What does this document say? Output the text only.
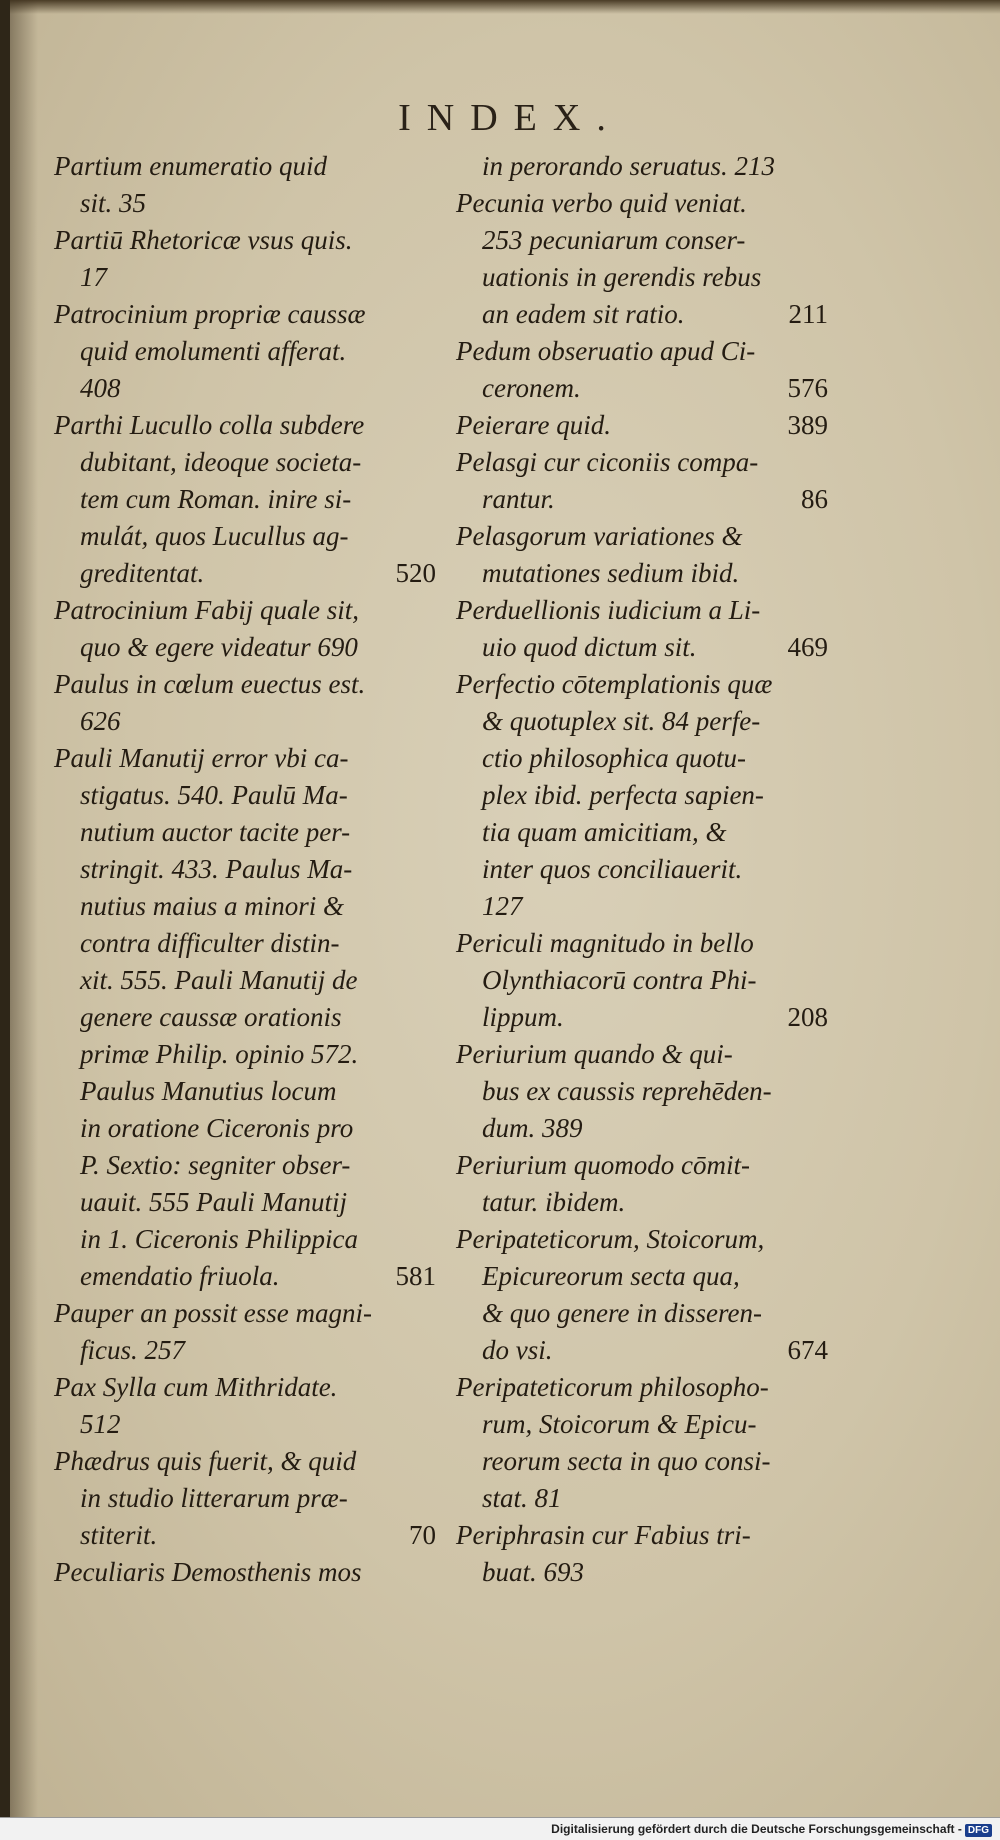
INDEX.
Partium enumeratio quid
sit. 35
Partiū Rhetoricæ vsus quis.
17
Patrocinium propriæ caussæ
quid emolumenti afferat.
408
Parthi Lucullo colla subdere
dubitant, ideoque societa-
tem cum Roman. inire si-
mulát, quos Lucullus ag-
greditentat.	520
Patrocinium Fabij quale sit,
quo & egere videatur 690
Paulus in cœlum euectus est.
626
Pauli Manutij error vbi ca-
stigatus. 540. Paulū Ma-
nutium auctor tacite per-
stringit. 433. Paulus Ma-
nutius maius a minori &
contra difficulter distin-
xit. 555. Pauli Manutij de
genere caussæ orationis
primæ Philip. opinio 572.
Paulus Manutius locum
in oratione Ciceronis pro
P. Sextio: segniter obser-
uauit. 555 Pauli Manutij
in 1. Ciceronis Philippica
emendatio friuola.	581
Pauper an possit esse magni-
ficus. 257
Pax Sylla cum Mithridate.
512
Phædrus quis fuerit, & quid
in studio litterarum præ-
stiterit.	70
Peculiaris Demosthenis mos
in perorando seruatus. 213
Pecunia verbo quid veniat.
253 pecuniarum conser-
uationis in gerendis rebus
an eadem sit ratio.	211
Pedum obseruatio apud Ci-
ceronem.	576
Peierare quid.	389
Pelasgi cur ciconiis compa-
rantur.	86
Pelasgorum variationes &
mutationes sedium ibid.
Perduellionis iudicium a Li-
uio quod dictum sit.	469
Perfectio cōtemplationis quæ
& quotuplex sit. 84 perfe-
ctio philosophica quotu-
plex ibid. perfecta sapien-
tia quam amicitiam, &
inter quos conciliauerit.
127
Periculi magnitudo in bello
Olynthiacorū contra Phi-
lippum.	208
Periurium quando & qui-
bus ex caussis reprehēden-
dum. 389
Periurium quomodo cōmit-
tatur. ibidem.
Peripateticorum, Stoicorum,
Epicureorum secta qua,
& quo genere in disseren-
do vsi.	674
Peripateticorum philosopho-
rum, Stoicorum & Epicu-
reorum secta in quo consi-
stat. 81
Periphrasin cur Fabius tri-
buat. 693
Digitalisierung gefördert durch die Deutsche Forschungsgemeinschaft - DFG
